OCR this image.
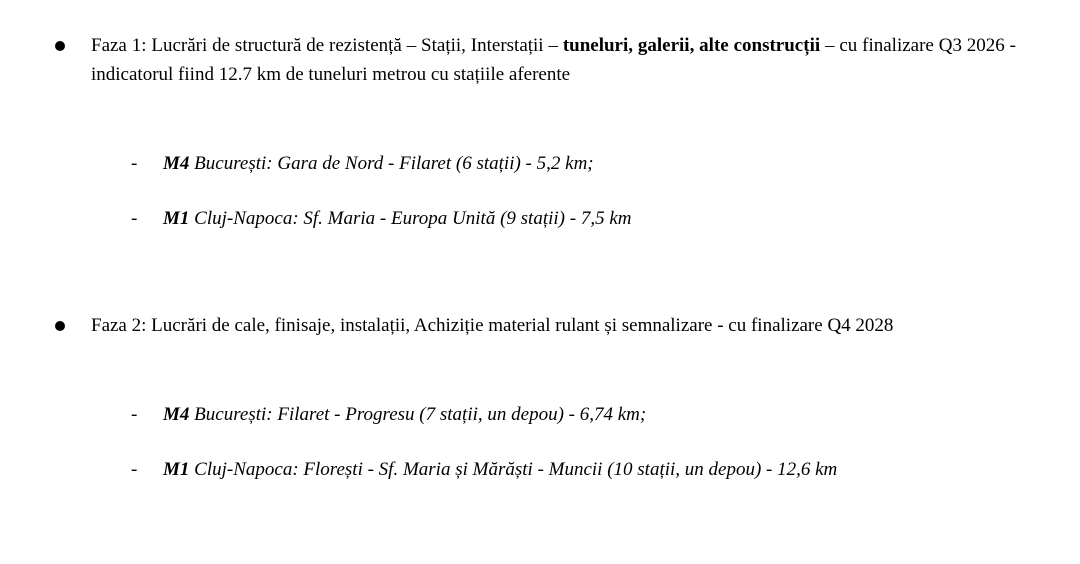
Faza 1: Lucrări de structură de rezistență – Stații, Interstații – tuneluri, galerii, alte construcții – cu finalizare Q3 2026 - indicatorul fiind 12.7 km de tuneluri metrou cu stațiile aferente
- M4 București: Gara de Nord - Filaret (6 stații) - 5,2 km;
- M1 Cluj-Napoca: Sf. Maria - Europa Unită (9 stații) - 7,5 km
Faza 2: Lucrări de cale, finisaje, instalații, Achiziție material rulant și semnalizare - cu finalizare Q4 2028
- M4 București: Filaret - Progresu (7 stații, un depou) - 6,74 km;
- M1 Cluj-Napoca: Florești - Sf. Maria și Mărăști - Muncii (10 stații, un depou) - 12,6 km
